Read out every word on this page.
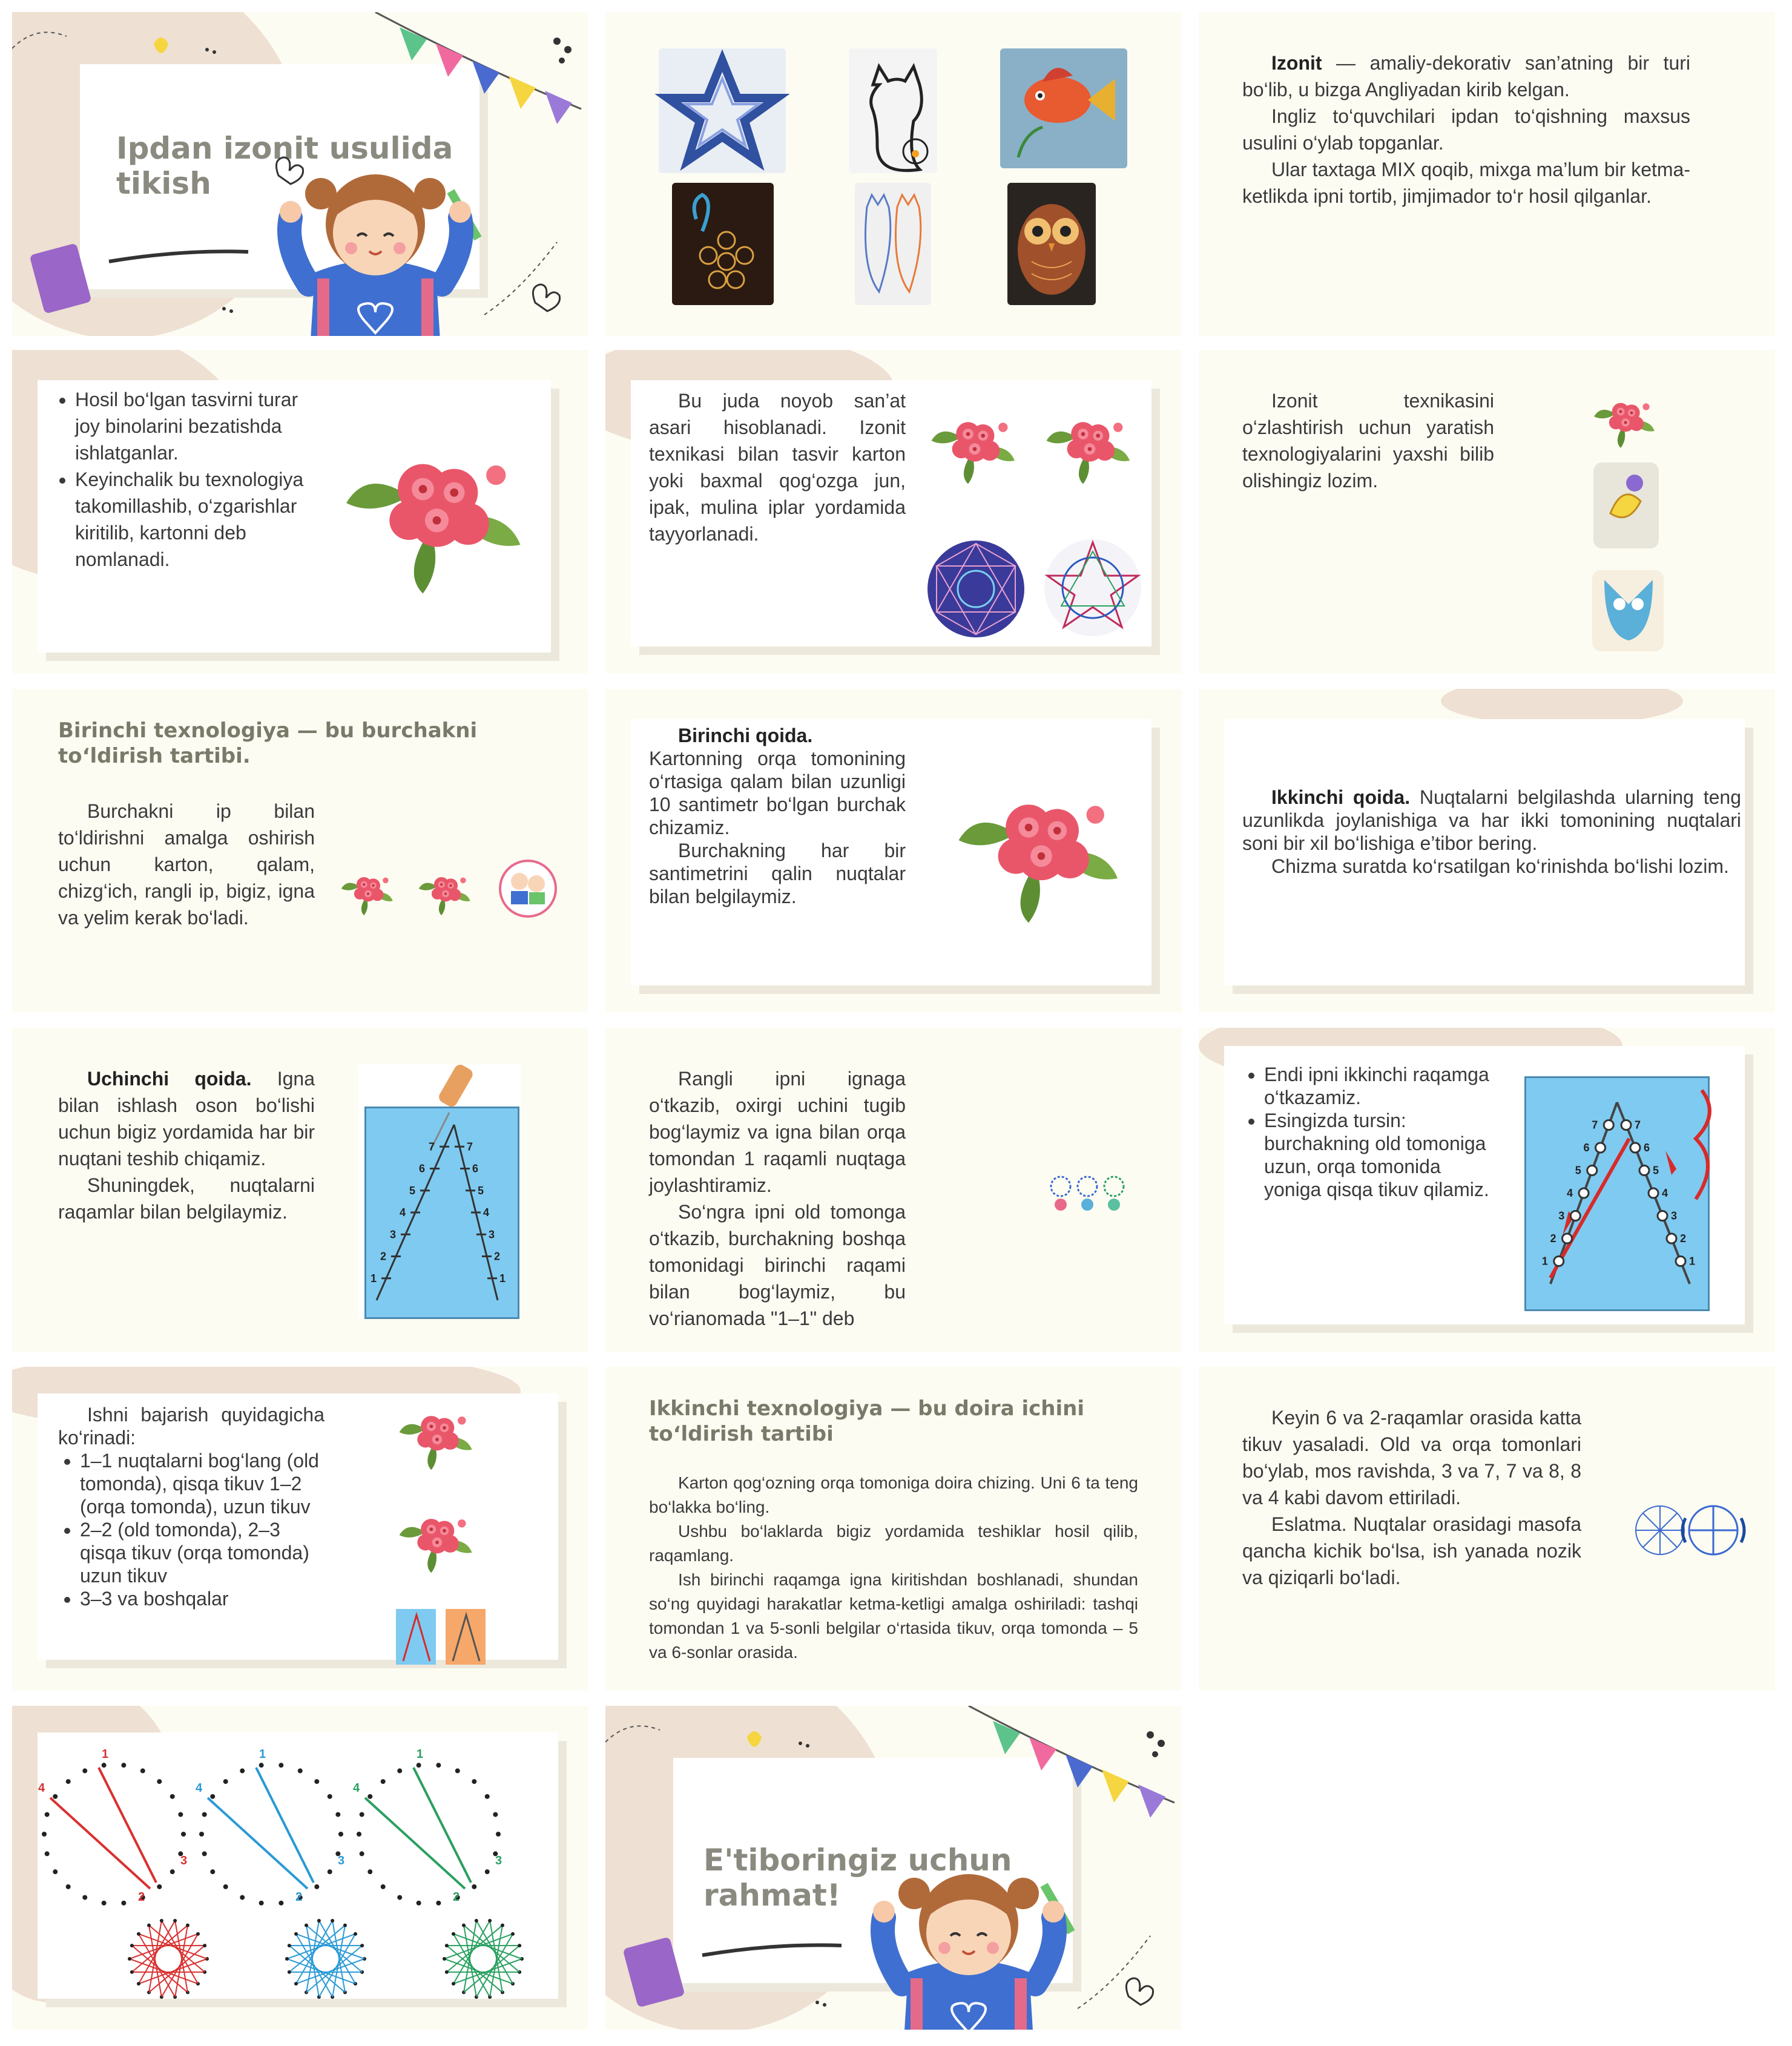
Ipdan izonit usulida tikish

Izonit — amaliy-dekorativ san’atning bir turi bo‘lib, u bizga Angliyadan kirib kelgan.

Ingliz to‘quvchilari ipdan to‘qishning maxsus usulini o‘ylab topganlar.

Ular taxtaga MIX qoqib, mixga ma’lum bir ketma-ketlikda ipni tortib, jimjimador to‘r hosil qilganlar.

• Hosil bo‘lgan tasvirni turar joy binolarini bezatishda ishlatganlar.
• Keyinchalik bu texnologiya takomillashib, o‘zgarishlar kiritilib, kartonni deb nomlanadi.

Bu juda noyob san’at asari hisoblanadi. Izonit texnikasi bilan tasvir karton yoki baxmal qog‘ozga jun, ipak, mulina iplar yordamida tayyorlanadi.

Izonit texnikasini o‘zlashtirish uchun yaratish texnologiyalarini yaxshi bilib olishingiz lozim.

Birinchi texnologiya — bu burchakni to‘ldirish tartibi.

Burchakni ip bilan to‘ldirishni amalga oshirish uchun karton, qalam, chizg‘ich, rangli ip, bigiz, igna va yelim kerak bo‘ladi.

Birinchi qoida.

Kartonning orqa tomonining o‘rtasiga qalam bilan uzunligi 10 santimetr bo‘lgan burchak chizamiz.

Burchakning har bir santimetrini qalin nuqtalar bilan belgilaymiz.

Ikkinchi qoida. Nuqtalarni belgilashda ularning teng uzunlikda joylanishiga va har ikki tomonining nuqtalari soni bir xil bo‘lishiga e’tibor bering.

Chizma suratda ko‘rsatilgan ko‘rinishda bo‘lishi lozim.

Uchinchi qoida. Igna bilan ishlash oson bo‘lishi uchun bigiz yordamida har bir nuqtani teshib chiqamiz.

Shuningdek, nuqtalarni raqamlar bilan belgilaymiz.

7	7
6	6
5	5
4	4
3	3
2	2
1	1

Rangli ipni ignaga o‘tkazib, oxirgi uchini tugib bog‘laymiz va igna bilan orqa tomondan 1 raqamli nuqtaga joylashtiramiz.

So‘ngra ipni old tomonga o‘tkazib, burchakning boshqa tomonidagi birinchi raqami bilan bog‘laymiz, bu vo‘rianomada "1–1" deb

• Endi ipni ikkinchi raqamga o‘tkazamiz.
• Esingizda tursin: burchakning old tomoniga uzun, orqa tomonida yoniga qisqa tikuv qilamiz.
7	7
6	6
5	5
4	4
3	3
2	2
1	1

Ishni bajarish quyidagicha ko‘rinadi:

• 1–1 nuqtalarni bog‘lang (old tomonda), qisqa tikuv 1–2 (orqa tomonda), uzun tikuv
• 2–2 (old tomonda), 2–3 qisqa tikuv (orqa tomonda) uzun tikuv
• 3–3 va boshqalar
Ikkinchi texnologiya — bu doira ichini to‘ldirish tartibi

Karton qog‘ozning orqa tomoniga doira chizing. Uni 6 ta teng bo‘lakka bo‘ling.

Ushbu bo‘laklarda bigiz yordamida teshiklar hosil qilib, raqamlang.

Ish birinchi raqamga igna kiritishdan boshlanadi, shundan so‘ng quyidagi harakatlar ketma-ketligi amalga oshiriladi: tashqi tomondan 1 va 5-sonli belgilar o‘rtasida tikuv, orqa tomonda – 5 va 6-sonlar orasida.

Keyin 6 va 2-raqamlar orasida katta tikuv yasaladi. Old va orqa tomonlari bo‘ylab, mos ravishda, 3 va 7, 7 va 8, 8 va 4 kabi davom ettiriladi.

Eslatma. Nuqtalar orasidagi masofa qancha kichik bo‘lsa, ish yanada nozik va qiziqarli bo‘ladi.

4
1
2
3
4
1
2
3
4
1
2
3	E'tiboringiz uchun rahmat!
